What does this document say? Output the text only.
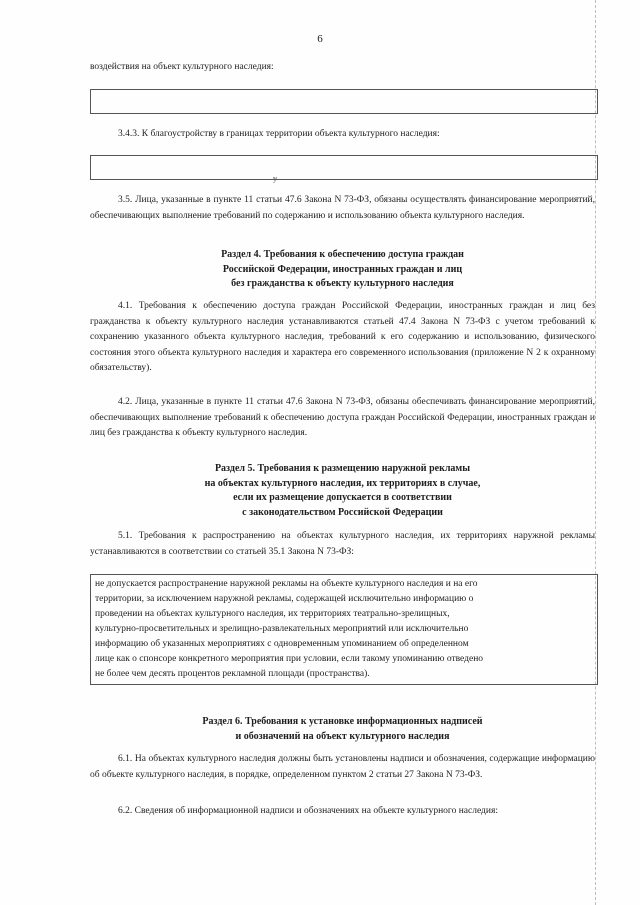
6
воздействия на объект культурного наследия:
3.4.3. К благоустройству в границах территории объекта культурного наследия:
ɏ
3.5. Лица, указанные в пункте 11 статьи 47.6 Закона N 73-ФЗ, обязаны осуществлять финансирование мероприятий, обеспечивающих выполнение требований по содержанию и использованию объекта культурного наследия.
Раздел 4. Требования к обеспечению доступа граждан
Российской Федерации, иностранных граждан и лиц
без гражданства к объекту культурного наследия
4.1. Требования к обеспечению доступа граждан Российской Федерации, иностранных граждан и лиц без гражданства к объекту культурного наследия устанавливаются статьей 47.4 Закона N 73-ФЗ с учетом требований к сохранению указанного объекта культурного наследия, требований к его содержанию и использованию, физического состояния этого объекта культурного наследия и характера его современного использования (приложение N 2 к охранному обязательству).
4.2. Лица, указанные в пункте 11 статьи 47.6 Закона N 73-ФЗ, обязаны обеспечивать финансирование мероприятий, обеспечивающих выполнение требований к обеспечению доступа граждан Российской Федерации, иностранных граждан и лиц без гражданства к объекту культурного наследия.
Раздел 5. Требования к размещению наружной рекламы
на объектах культурного наследия, их территориях в случае,
если их размещение допускается в соответствии
с законодательством Российской Федерации
5.1. Требования к распространению на объектах культурного наследия, их территориях наружной рекламы устанавливаются в соответствии со статьей 35.1 Закона N 73-ФЗ:
не допускается распространение наружной рекламы на объекте культурного наследия и на его
территории, за исключением наружной рекламы, содержащей исключительно информацию о
проведении на объектах культурного наследия, их территориях театрально-зрелищных,
культурно-просветительных и зрелищно-развлекательных мероприятий или исключительно
информацию об указанных мероприятиях с одновременным упоминанием об определенном
лице как о спонсоре конкретного мероприятия при условии, если такому упоминанию отведено
не более чем десять процентов рекламной площади (пространства).
Раздел 6. Требования к установке информационных надписей
и обозначений на объект культурного наследия
6.1. На объектах культурного наследия должны быть установлены надписи и обозначения, содержащие информацию об объекте культурного наследия, в порядке, определенном пунктом 2 статьи 27 Закона N 73-ФЗ.
6.2. Сведения об информационной надписи и обозначениях на объекте культурного наследия:
